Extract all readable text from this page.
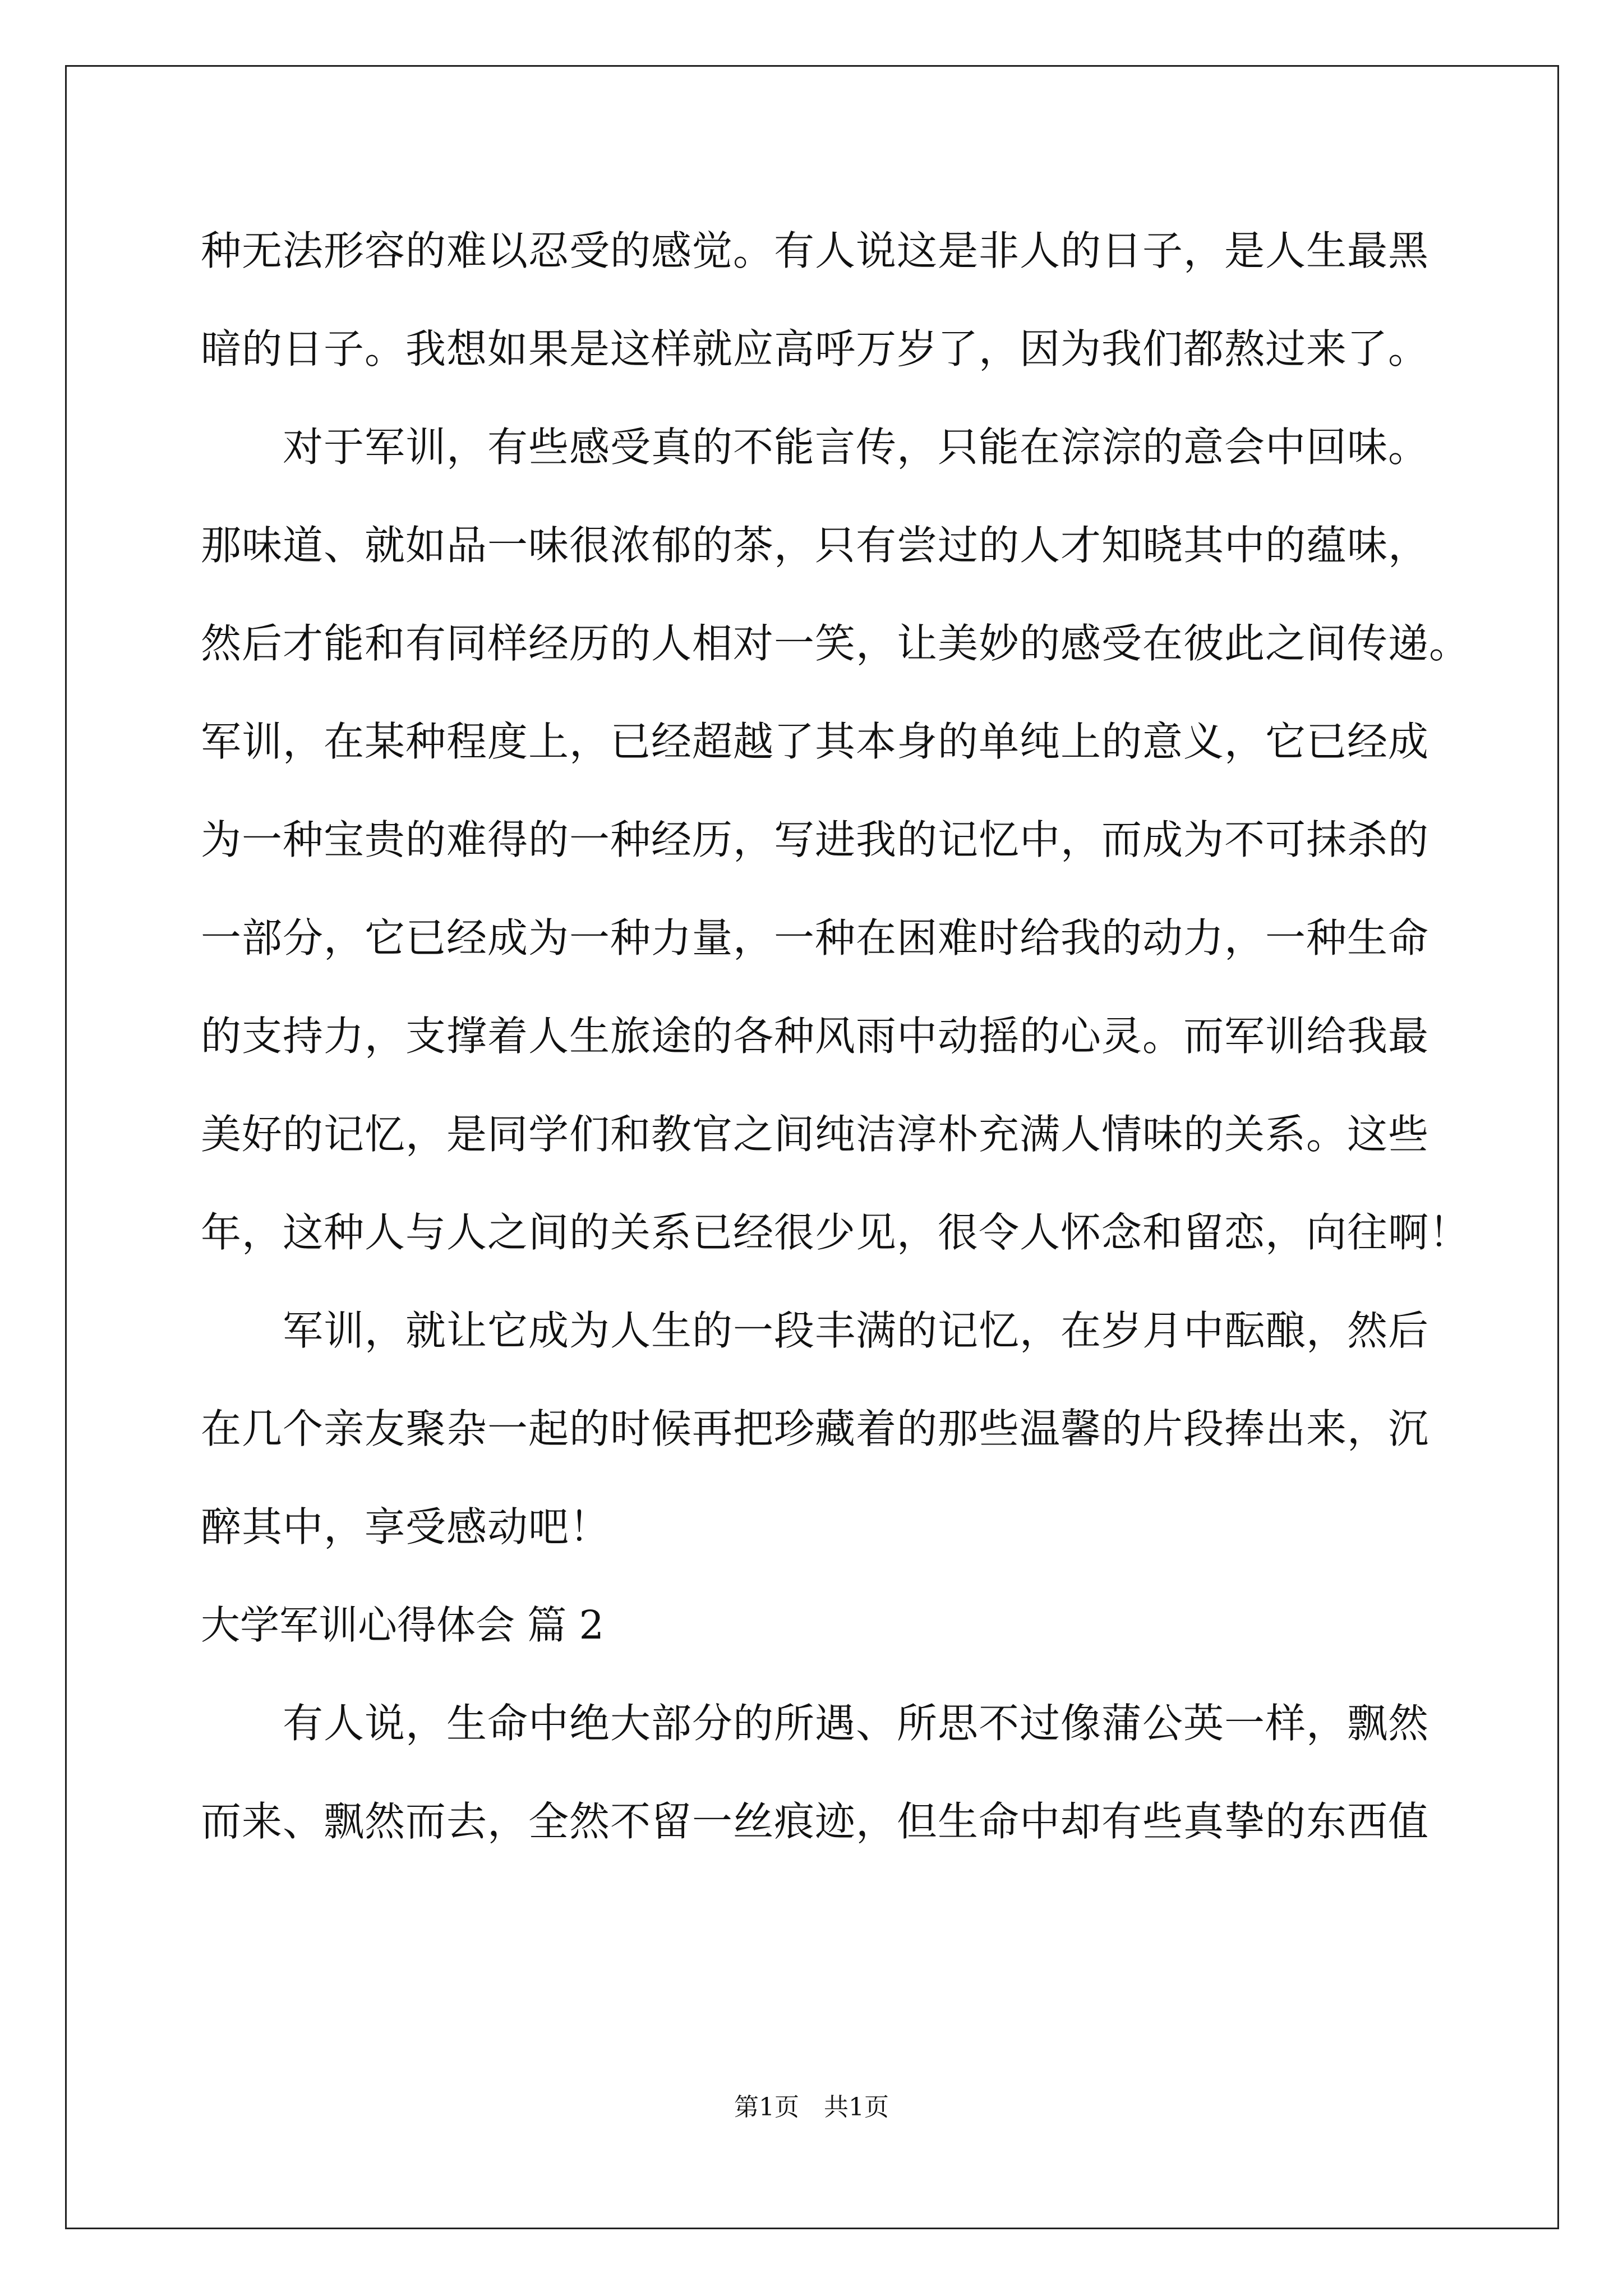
种无法形容的难以忍受的感觉。有人说这是非人的日子，是人生最黑
暗的日子。我想如果是这样就应高呼万岁了，因为我们都熬过来了。
　　对于军训，有些感受真的不能言传，只能在淙淙的意会中回味。
那味道、就如品一味很浓郁的茶，只有尝过的人才知晓其中的蕴味，
然后才能和有同样经历的人相对一笑，让美妙的感受在彼此之间传递。
军训，在某种程度上，已经超越了其本身的单纯上的意义，它已经成
为一种宝贵的难得的一种经历，写进我的记忆中，而成为不可抹杀的
一部分，它已经成为一种力量，一种在困难时给我的动力，一种生命
的支持力，支撑着人生旅途的各种风雨中动摇的心灵。而军训给我最
美好的记忆，是同学们和教官之间纯洁淳朴充满人情味的关系。这些
年，这种人与人之间的关系已经很少见，很令人怀念和留恋，向往啊！
　　军训，就让它成为人生的一段丰满的记忆，在岁月中酝酿，然后
在几个亲友聚杂一起的时候再把珍藏着的那些温馨的片段捧出来，沉
醉其中，享受感动吧！
大学军训心得体会 篇 2
　　有人说，生命中绝大部分的所遇、所思不过像蒲公英一样，飘然
而来、飘然而去，全然不留一丝痕迹，但生命中却有些真挚的东西值
第1页　共1页
